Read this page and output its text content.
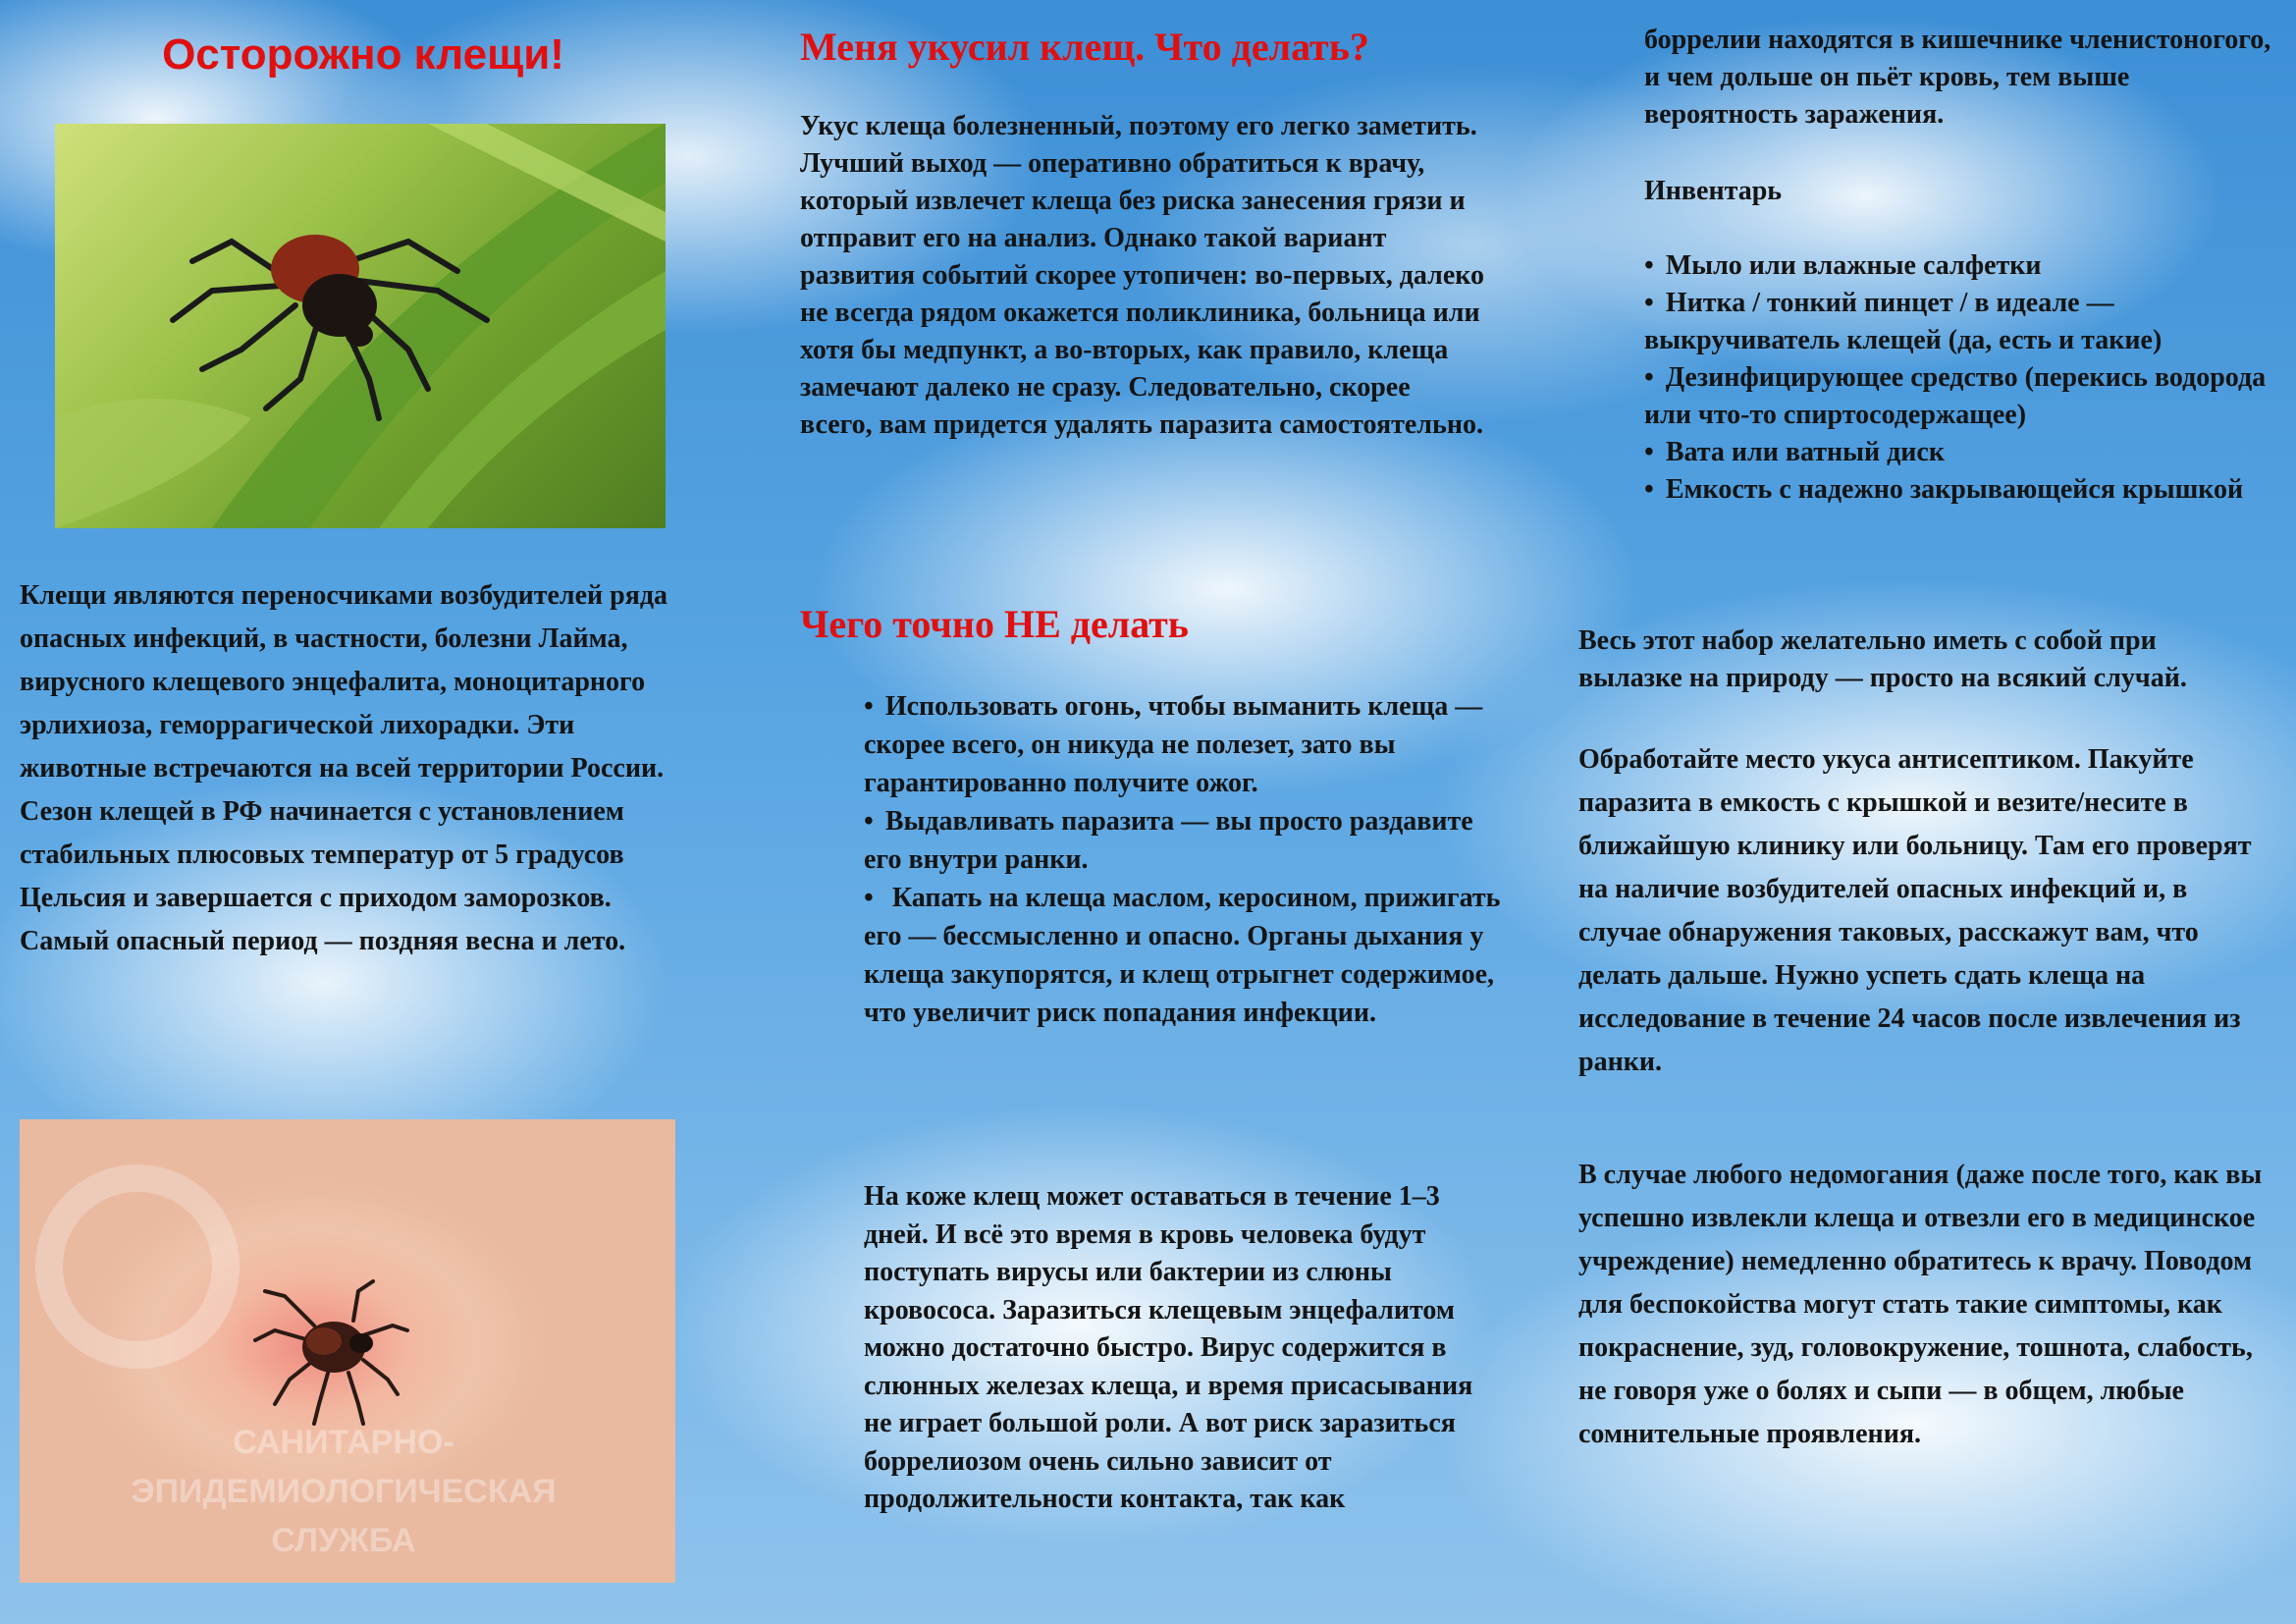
Осторожно клещи!
Клещи являются переносчиками возбудителей ряда опасных инфекций, в частности, болезни Лайма, вирусного клещевого энцефалита, моноцитарного эрлихиоза, геморрагической лихорадки. Эти животные встречаются на всей территории России. Сезон клещей в РФ начинается с установлением стабильных плюсовых температур от 5 градусов Цельсия и завершается с приходом заморозков. Самый опасный период — поздняя весна и лето.
САНИТАРНО-
ЭПИДЕМИОЛОГИЧЕСКАЯ
СЛУЖБА
Меня укусил клещ. Что делать?
Укус клеща болезненный, поэтому его легко заметить. Лучший выход — оперативно обратиться к врачу, который извлечет клеща без риска занесения грязи и отправит его на анализ. Однако такой вариант развития событий скорее утопичен: во-первых, далеко не всегда рядом окажется поликлиника, больница или хотя бы медпункт, а во-вторых, как правило, клеща замечают далеко не сразу. Следовательно, скорее всего, вам придется удалять паразита самостоятельно.
Чего точно НЕ делать
• Использовать огонь, чтобы выманить клеща — скорее всего, он никуда не полезет, зато вы гарантированно получите ожог.
• Выдавливать паразита — вы просто раздавите его внутри ранки.
• Капать на клеща маслом, керосином, прижигать его — бессмысленно и опасно. Органы дыхания у клеща закупорятся, и клещ отрыгнет содержимое, что увеличит риск попадания инфекции.
На коже клещ может оставаться в течение 1–3 дней. И всё это время в кровь человека будут поступать вирусы или бактерии из слюны кровососа. Заразиться клещевым энцефалитом можно достаточно быстро. Вирус содержится в слюнных железах клеща, и время присасывания не играет большой роли. А вот риск заразиться боррелиозом очень сильно зависит от продолжительности контакта, так как
боррелии находятся в кишечнике членистоногого, и чем дольше он пьёт кровь, тем выше вероятность заражения.
Инвентарь
• Мыло или влажные салфетки
• Нитка / тонкий пинцет / в идеале — выкручиватель клещей (да, есть и такие)
• Дезинфицирующее средство (перекись водорода или что-то спиртосодержащее)
• Вата или ватный диск
• Емкость с надежно закрывающейся крышкой
Весь этот набор желательно иметь с собой при вылазке на природу — просто на всякий случай.
Обработайте место укуса антисептиком. Пакуйте паразита в емкость с крышкой и везите/несите в ближайшую клинику или больницу. Там его проверят на наличие возбудителей опасных инфекций и, в случае обнаружения таковых, расскажут вам, что делать дальше. Нужно успеть сдать клеща на исследование в течение 24 часов после извлечения из ранки.
В случае любого недомогания (даже после того, как вы успешно извлекли клеща и отвезли его в медицинское учреждение) немедленно обратитесь к врачу. Поводом для беспокойства могут стать такие симптомы, как покраснение, зуд, головокружение, тошнота, слабость, не говоря уже о болях и сыпи — в общем, любые сомнительные проявления.
